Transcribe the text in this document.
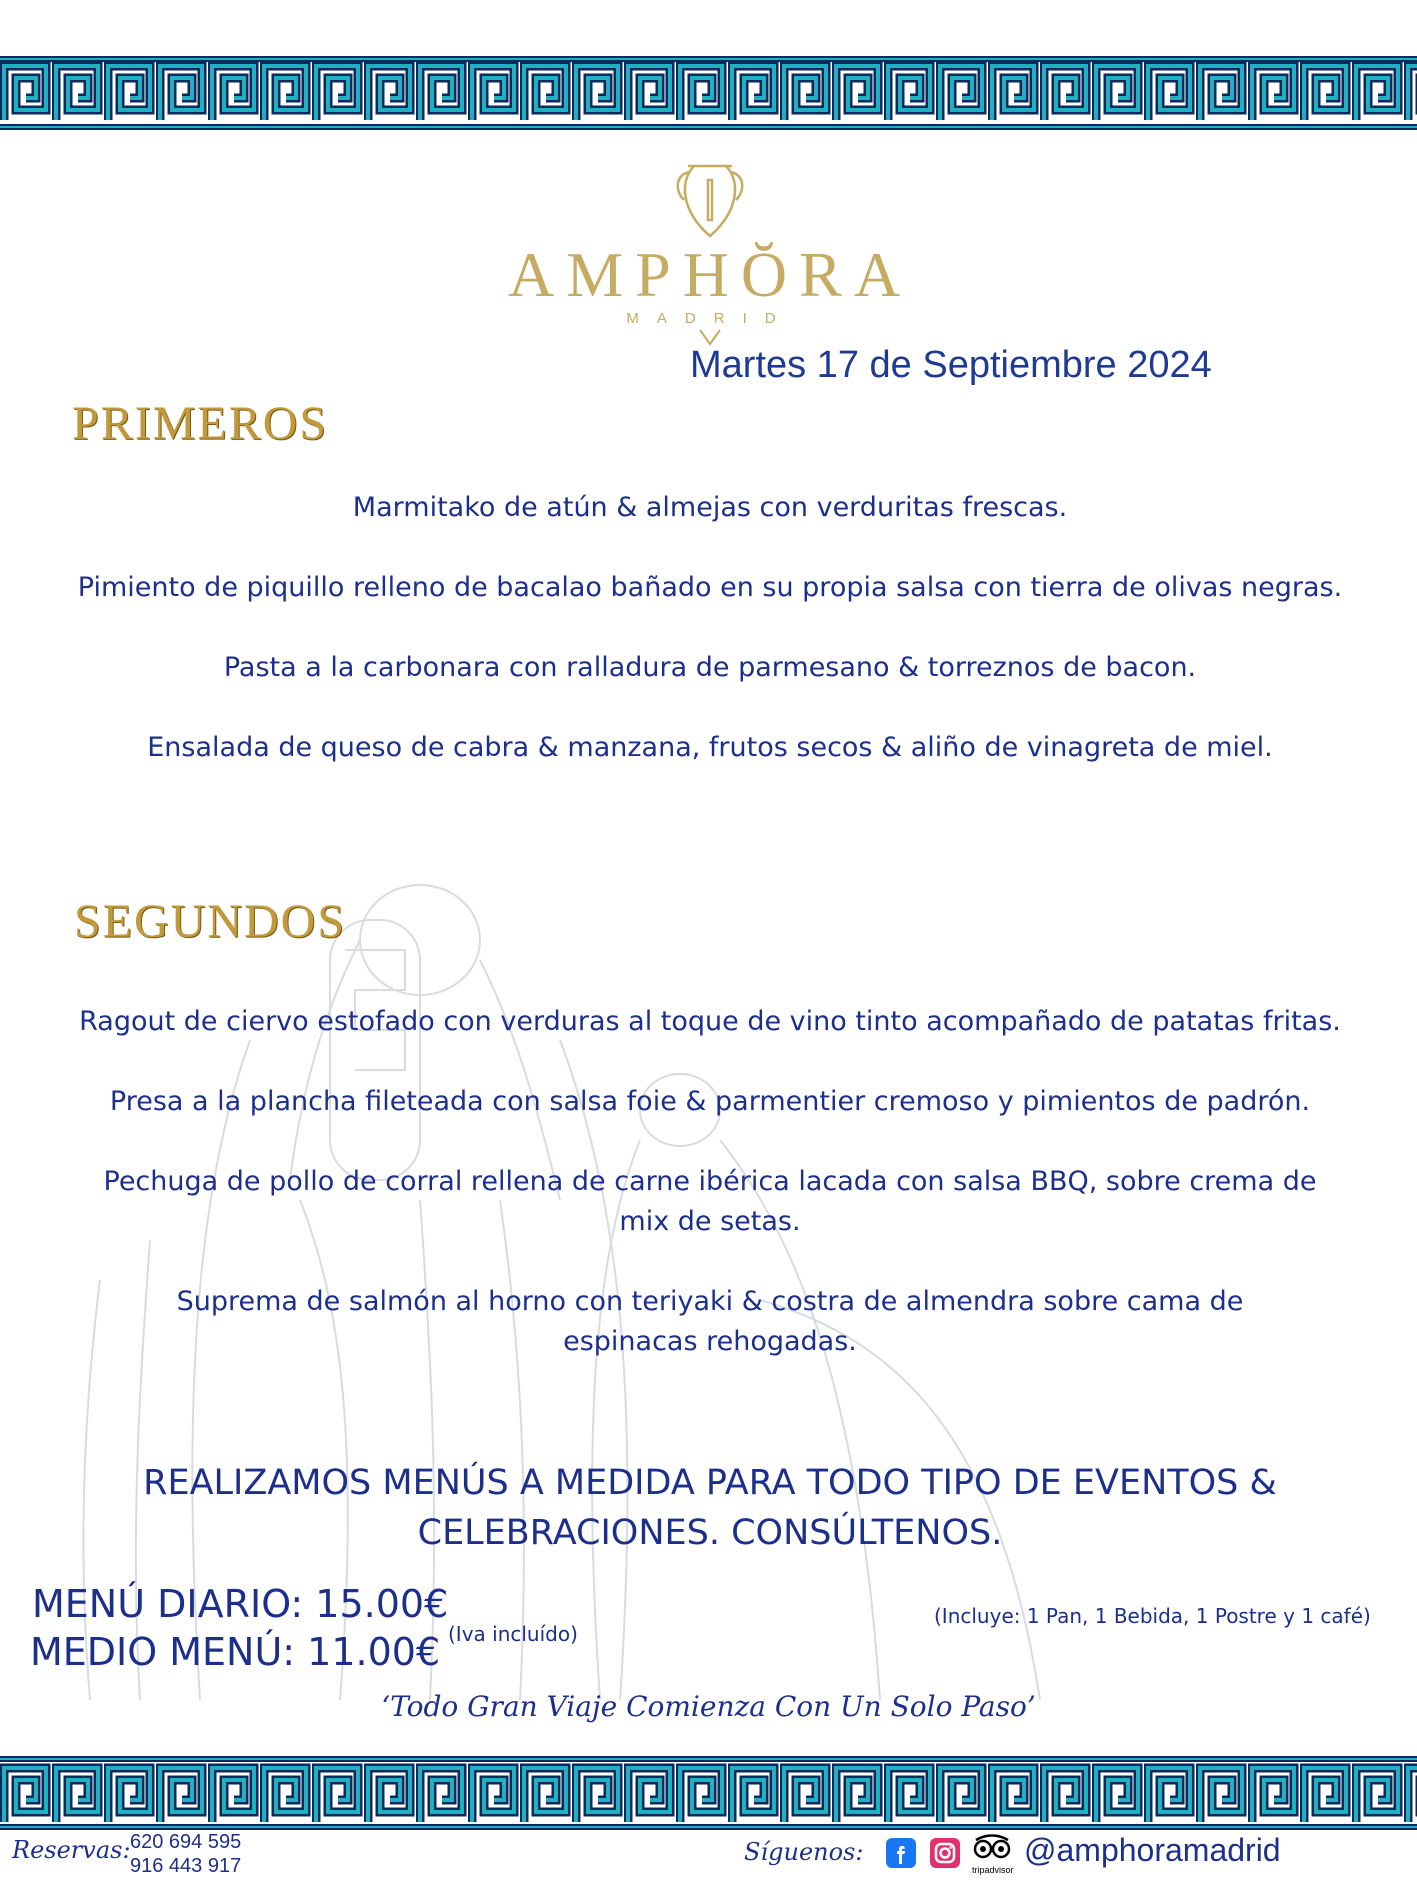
AMPHŎRA
MADRID
Martes 17 de Septiembre 2024
PRIMEROS
Marmitako de atún & almejas con verduritas frescas.
Pimiento de piquillo relleno de bacalao bañado en su propia salsa con tierra de olivas negras.
Pasta a la carbonara con ralladura de parmesano & torreznos de bacon.
Ensalada de queso de cabra & manzana, frutos secos & aliño de vinagreta de miel.
SEGUNDOS
Ragout de ciervo estofado con verduras al toque de vino tinto acompañado de patatas fritas.
Presa a la plancha fileteada con salsa foie & parmentier cremoso y pimientos de padrón.
Pechuga de pollo de corral rellena de carne ibérica lacada con salsa BBQ, sobre crema de mix de setas.
Suprema de salmón al horno con teriyaki & costra de almendra sobre cama de espinacas rehogadas.
REALIZAMOS MENÚS A MEDIDA PARA TODO TIPO DE EVENTOS & CELEBRACIONES. CONSÚLTENOS.
MENÚ DIARIO: 15.00€
MEDIO MENÚ: 11.00€ (Iva incluído)
(Incluye: 1 Pan, 1 Bebida, 1 Postre y 1 café)
‘Todo Gran Viaje Comienza Con Un Solo Paso’
Reservas: 620 694 595
916 443 917	Síguenos:
tripadvisor
@amphoramadrid
